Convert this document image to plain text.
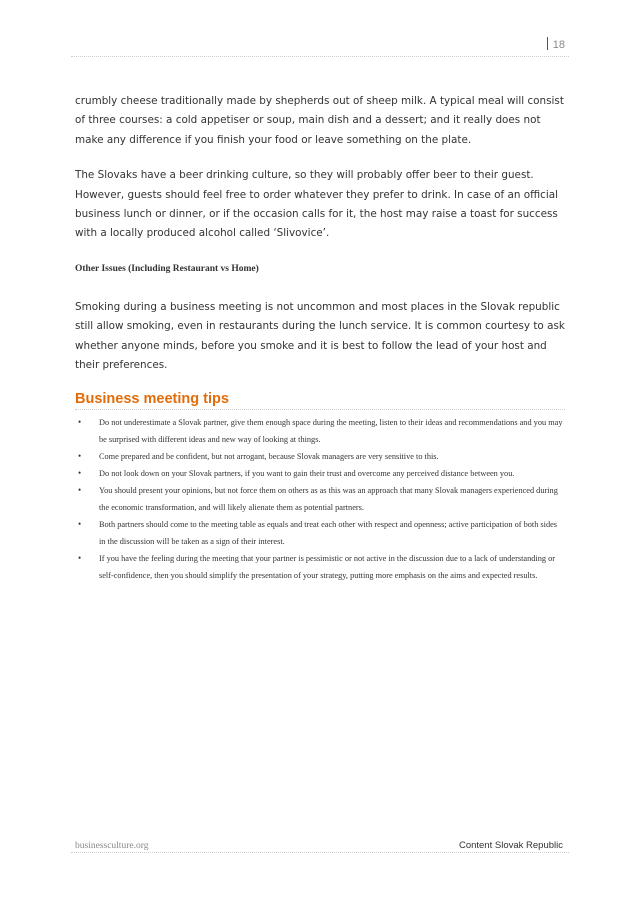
18

crumbly cheese traditionally made by shepherds out of sheep milk. A typical meal will consist of three courses: a cold appetiser or soup, main dish and a dessert; and it really does not make any difference if you finish your food or leave something on the plate.

The Slovaks have a beer drinking culture, so they will probably offer beer to their guest. However, guests should feel free to order whatever they prefer to drink. In case of an official business lunch or dinner, or if the occasion calls for it, the host may raise a toast for success with a locally produced alcohol called ‘Slivovice’.

Other Issues (Including Restaurant vs Home)

Smoking during a business meeting is not uncommon and most places in the Slovak republic still allow smoking, even in restaurants during the lunch service. It is common courtesy to ask whether anyone minds, before you smoke and it is best to follow the lead of your host and their preferences.

Business meeting tips
• Do not underestimate a Slovak partner, give them enough space during the meeting, listen to their ideas and recommendations and you may be surprised with different ideas and new way of looking at things.
• Come prepared and be confident, but not arrogant, because Slovak managers are very sensitive to this.
• Do not look down on your Slovak partners, if you want to gain their trust and overcome any perceived distance between you.
• You should present your opinions, but not force them on others as as this was an approach that many Slovak managers experienced during the economic transformation, and will likely alienate them as potential partners.
• Both partners should come to the meeting table as equals and treat each other with respect and openness; active participation of both sides in the discussion will be taken as a sign of their interest.
• If you have the feeling during the meeting that your partner is pessimistic or not active in the discussion due to a lack of understanding or self-confidence, then you should simplify the presentation of your strategy, putting more emphasis on the aims and expected results.
businessculture.org	Content Slovak Republic
